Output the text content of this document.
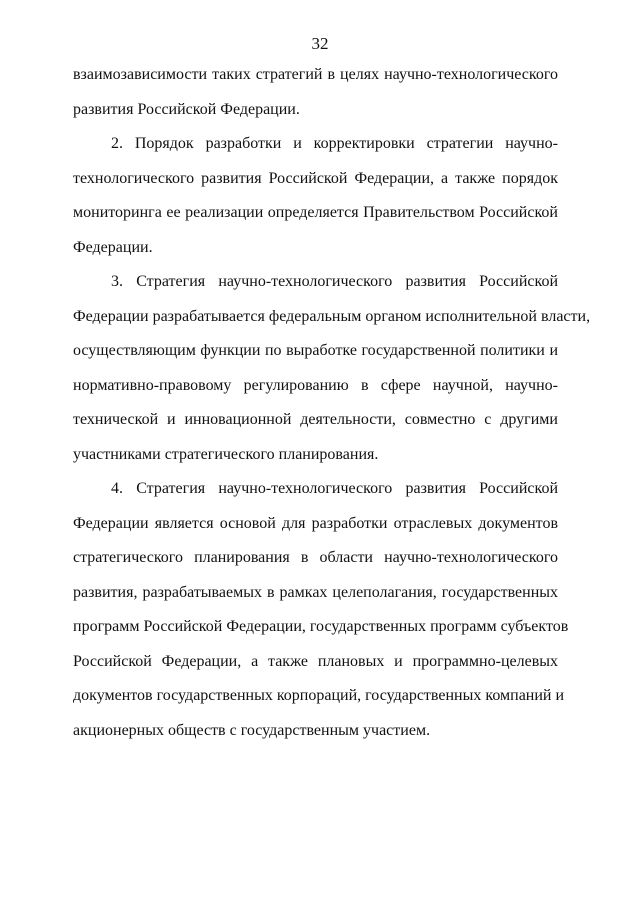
32
взаимозависимости таких стратегий в целях научно-технологического
развития Российской Федерации.
2. Порядок разработки и корректировки стратегии научно-
технологического развития Российской Федерации, а также порядок
мониторинга ее реализации определяется Правительством Российской
Федерации.
3. Стратегия научно-технологического развития Российской
Федерации разрабатывается федеральным органом исполнительной власти,
осуществляющим функции по выработке государственной политики и
нормативно-правовому регулированию в сфере научной, научно-
технической и инновационной деятельности, совместно с другими
участниками стратегического планирования.
4. Стратегия научно-технологического развития Российской
Федерации является основой для разработки отраслевых документов
стратегического планирования в области научно-технологического
развития, разрабатываемых в рамках целеполагания, государственных
программ Российской Федерации, государственных программ субъектов
Российской Федерации, а также плановых и программно-целевых
документов государственных корпораций, государственных компаний и
акционерных обществ с государственным участием.
